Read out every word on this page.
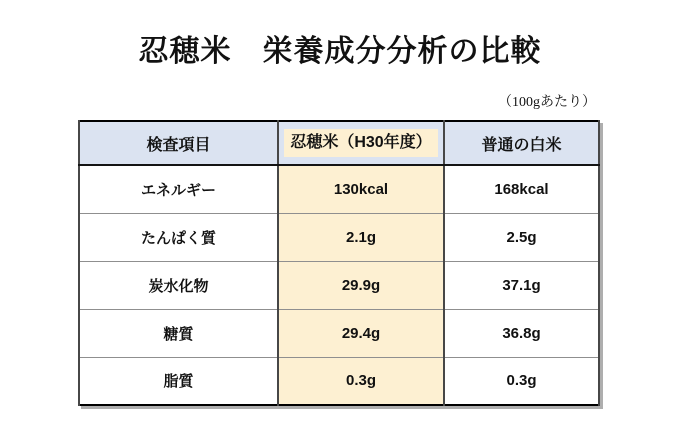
忍穂米　栄養成分分析の比較
（100gあたり）
検査項目	忍穂米（H30年度）	普通の白米
エネルギー	130kcal	168kcal
たんぱく質	2.1g	2.5g
炭水化物	29.9g	37.1g
糖質	29.4g	36.8g
脂質	0.3g	0.3g
